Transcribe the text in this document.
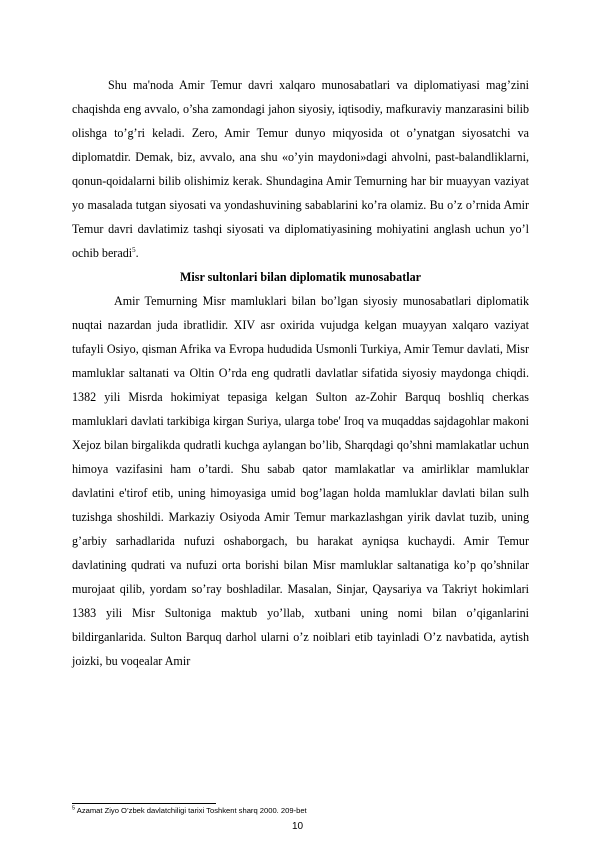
Shu ma'noda Amir Temur davri xalqaro munosabatlari va diplomatiyasi mag’zini chaqishda eng avvalo, o’sha zamondagi jahon siyosiy, iqtisodiy, mafkuraviy manzarasini bilib olishga to’g’ri keladi. Zero, Amir Temur dunyo miqyosida ot o’ynatgan siyosatchi va diplomatdir. Demak, biz, avvalo, ana shu «o’yin maydoni»dagi ahvolni, past-balandliklarni, qonun-qoidalarni bilib olishimiz kerak. Shundagina Amir Temurning har bir muayyan vaziyat yo masalada tutgan siyosati va yondashuvining sabablarini ko’ra olamiz. Bu o’z o’rnida Amir Temur davri davlatimiz tashqi siyosati va diplomatiyasining mohiyatini anglash uchun yo’l ochib beradi$^5$.

Misr sultonlari bilan diplomatik munosabatlar

Amir Temurning Misr mamluklari bilan bo’lgan siyosiy munosabatlari diplomatik nuqtai nazardan juda ibratlidir. XIV asr oxirida vujudga kelgan muayyan xalqaro vaziyat tufayli Osiyo, qisman Afrika va Evropa hududida Usmonli Turkiya, Amir Temur davlati, Misr mamluklar saltanati va Oltin O’rda eng qudratli davlatlar sifatida siyosiy maydonga chiqdi. 1382 yili Misrda hokimiyat tepasiga kelgan Sulton az-Zohir Barquq boshliq cherkas mamluklari davlati tarkibiga kirgan Suriya, ularga tobe' Iroq va muqaddas sajdagohlar makoni Xejoz bilan birgalikda qudratli kuchga aylangan bo’lib, Sharqdagi qo’shni mamlakatlar uchun himoya vazifasini ham o’tardi. Shu sabab qator mamlakatlar va amirliklar mamluklar davlatini e'tirof etib, uning himoyasiga umid bog’lagan holda mamluklar davlati bilan sulh tuzishga shoshildi. Markaziy Osiyoda Amir Temur markazlashgan yirik davlat tuzib, uning g’arbiy sarhadlarida nufuzi oshaborgach, bu harakat ayniqsa kuchaydi. Amir Temur davlatining qudrati va nufuzi orta borishi bilan Misr mamluklar saltanatiga ko’p qo’shnilar murojaat qilib, yordam so’ray boshladilar. Masalan, Sinjar, Qaysariya va Takriyt hokimlari 1383 yili Misr Sultoniga maktub yo’llab, xutbani uning nomi bilan o’qiganlarini bildirganlarida. Sulton Barquq darhol ularni o’z noiblari etib tayinladi O’z navbatida, aytish joizki, bu voqealar Amir

$^5$ Azamat Ziyo O’zbek davlatchiligi tarixi Toshkent sharq 2000. 209-bet
10
